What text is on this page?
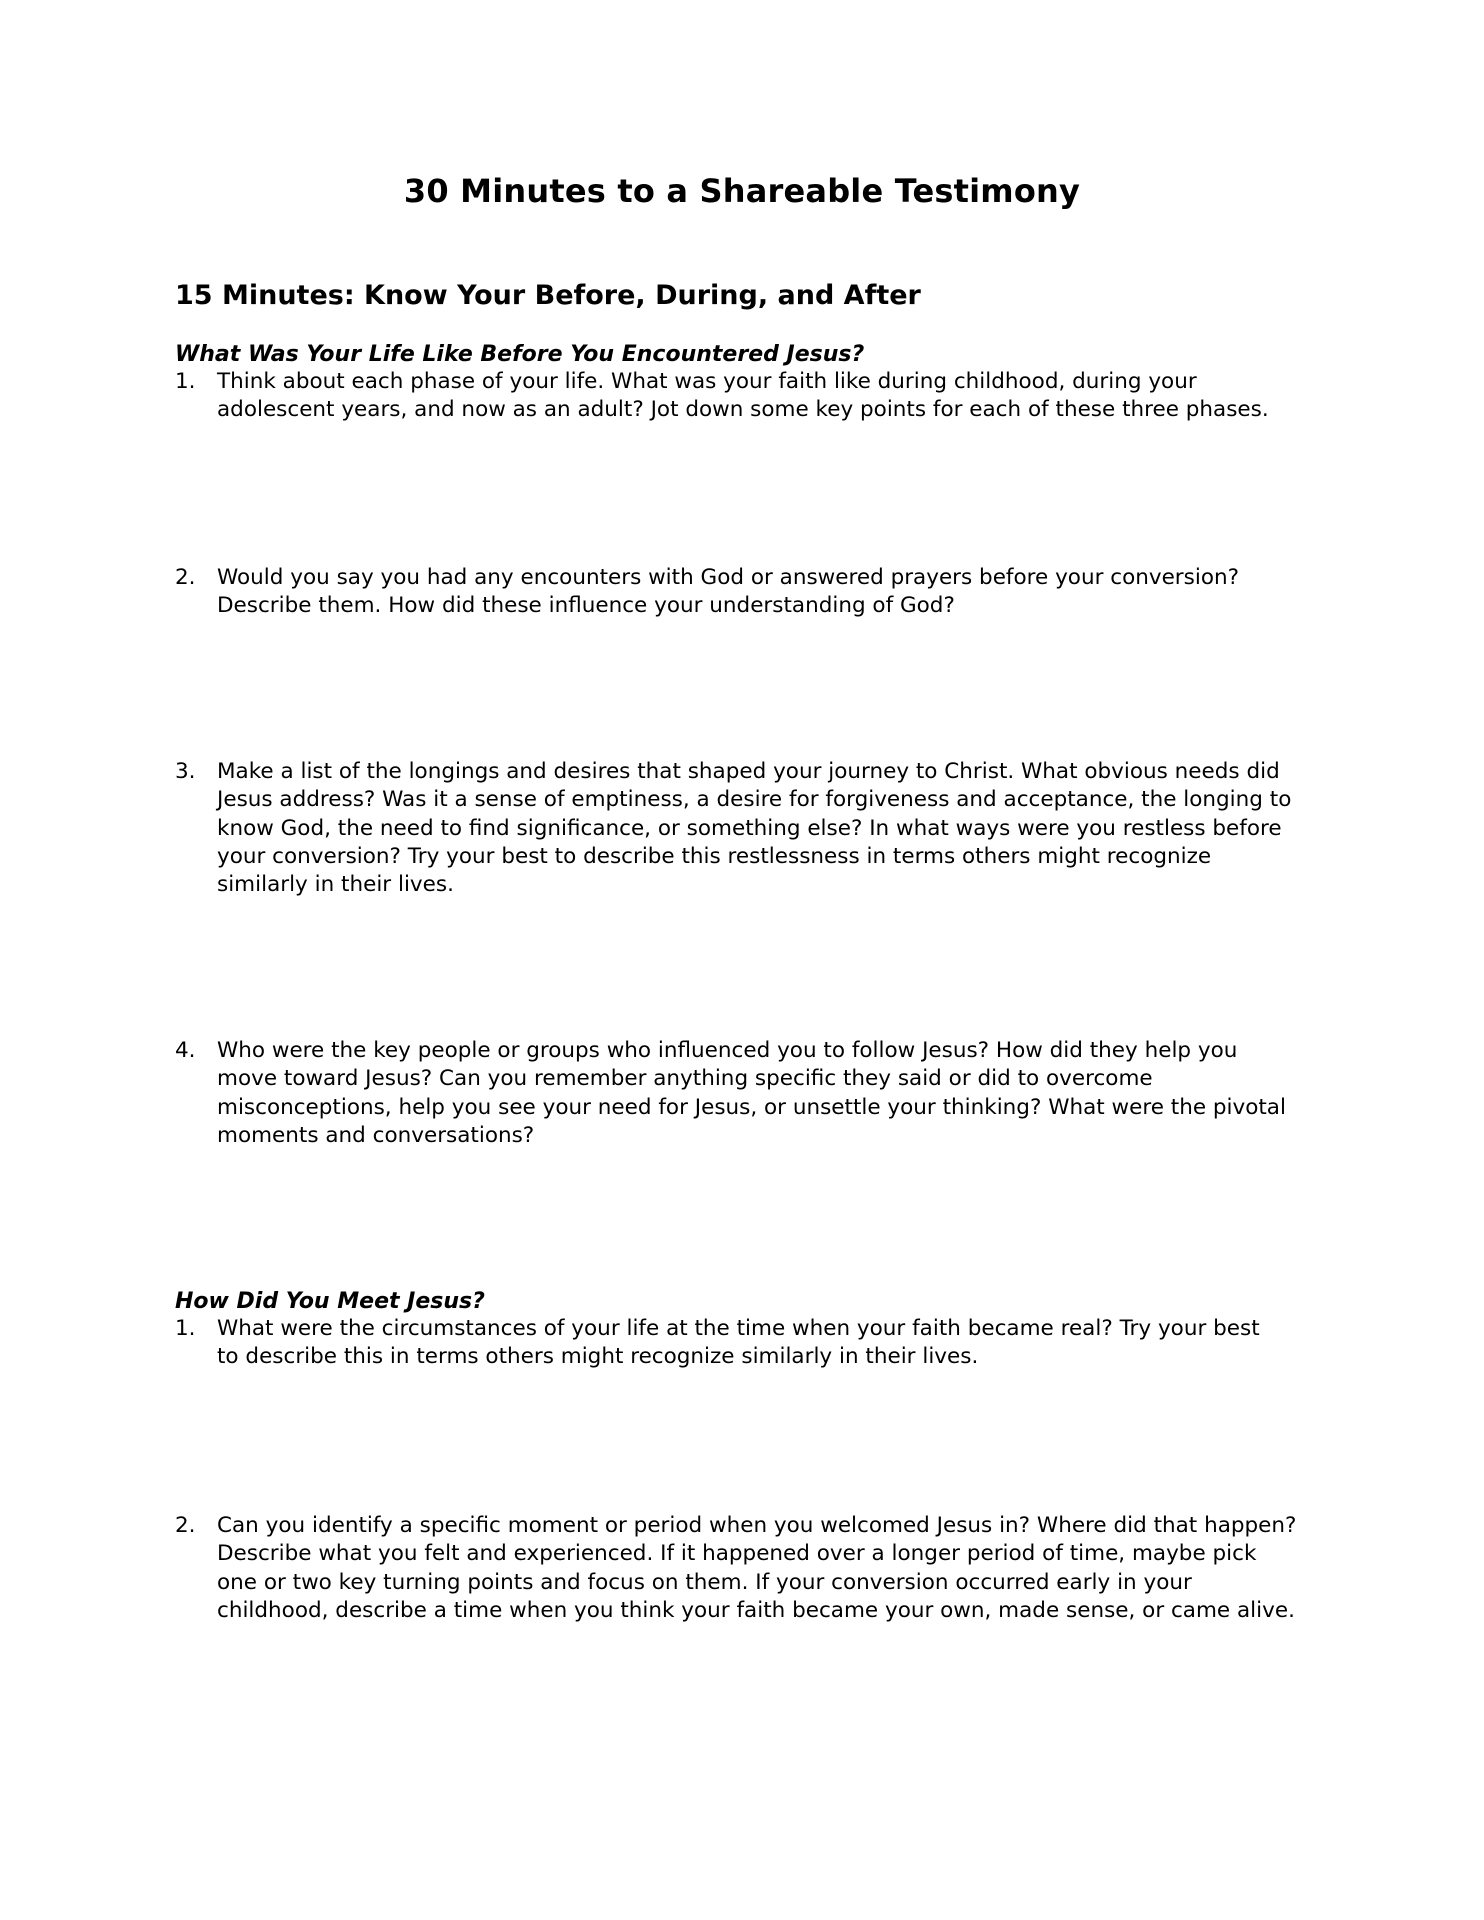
30 Minutes to a Shareable Testimony
15 Minutes: Know Your Before, During, and After
What Was Your Life Like Before You Encountered Jesus?
1. Think about each phase of your life. What was your faith like during childhood, during your
adolescent years, and now as an adult? Jot down some key points for each of these three phases.
2. Would you say you had any encounters with God or answered prayers before your conversion?
Describe them. How did these influence your understanding of God?
3. Make a list of the longings and desires that shaped your journey to Christ. What obvious needs did
Jesus address? Was it a sense of emptiness, a desire for forgiveness and acceptance, the longing to
know God, the need to find significance, or something else? In what ways were you restless before
your conversion? Try your best to describe this restlessness in terms others might recognize
similarly in their lives.
4. Who were the key people or groups who influenced you to follow Jesus? How did they help you
move toward Jesus? Can you remember anything specific they said or did to overcome
misconceptions, help you see your need for Jesus, or unsettle your thinking? What were the pivotal
moments and conversations?
How Did You Meet Jesus?
1. What were the circumstances of your life at the time when your faith became real? Try your best
to describe this in terms others might recognize similarly in their lives.
2. Can you identify a specific moment or period when you welcomed Jesus in? Where did that happen?
Describe what you felt and experienced. If it happened over a longer period of time, maybe pick
one or two key turning points and focus on them. If your conversion occurred early in your
childhood, describe a time when you think your faith became your own, made sense, or came alive.
